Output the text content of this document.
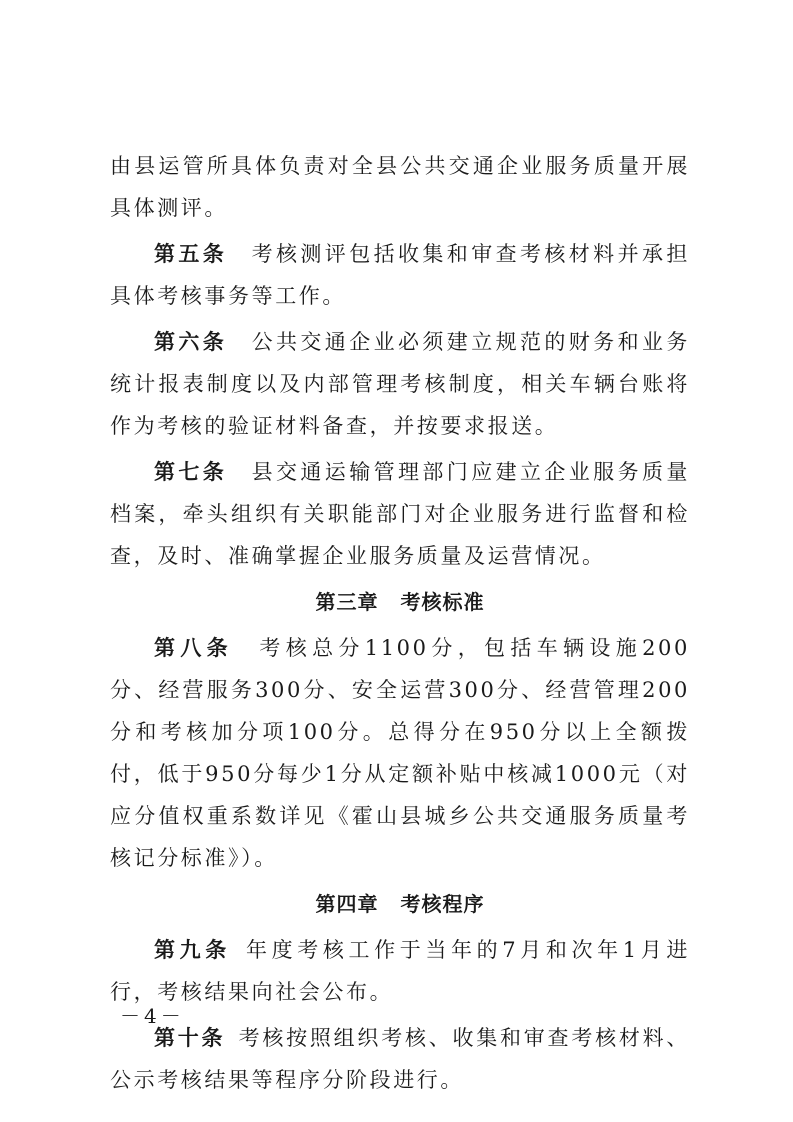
由县运管所具体负责对全县公共交通企业服务质量开展具体测评。

第五条  考核测评包括收集和审查考核材料并承担具体考核事务等工作。

第六条  公共交通企业必须建立规范的财务和业务统计报表制度以及内部管理考核制度，相关车辆台账将作为考核的验证材料备查，并按要求报送。

第七条  县交通运输管理部门应建立企业服务质量档案，牵头组织有关职能部门对企业服务进行监督和检查，及时、准确掌握企业服务质量及运营情况。

第三章 考核标准

第八条  考核总分1100分，包括车辆设施200分、经营服务300分、安全运营300分、经营管理200分和考核加分项100分。总得分在950分以上全额拨付，低于950分每少1分从定额补贴中核减1000元（对应分值权重系数详见《霍山县城乡公共交通服务质量考核记分标准》）。

第四章 考核程序

第九条  年度考核工作于当年的7月和次年1月进行，考核结果向社会公布。

第十条  考核按照组织考核、收集和审查考核材料、公示考核结果等程序分阶段进行。

－4－
